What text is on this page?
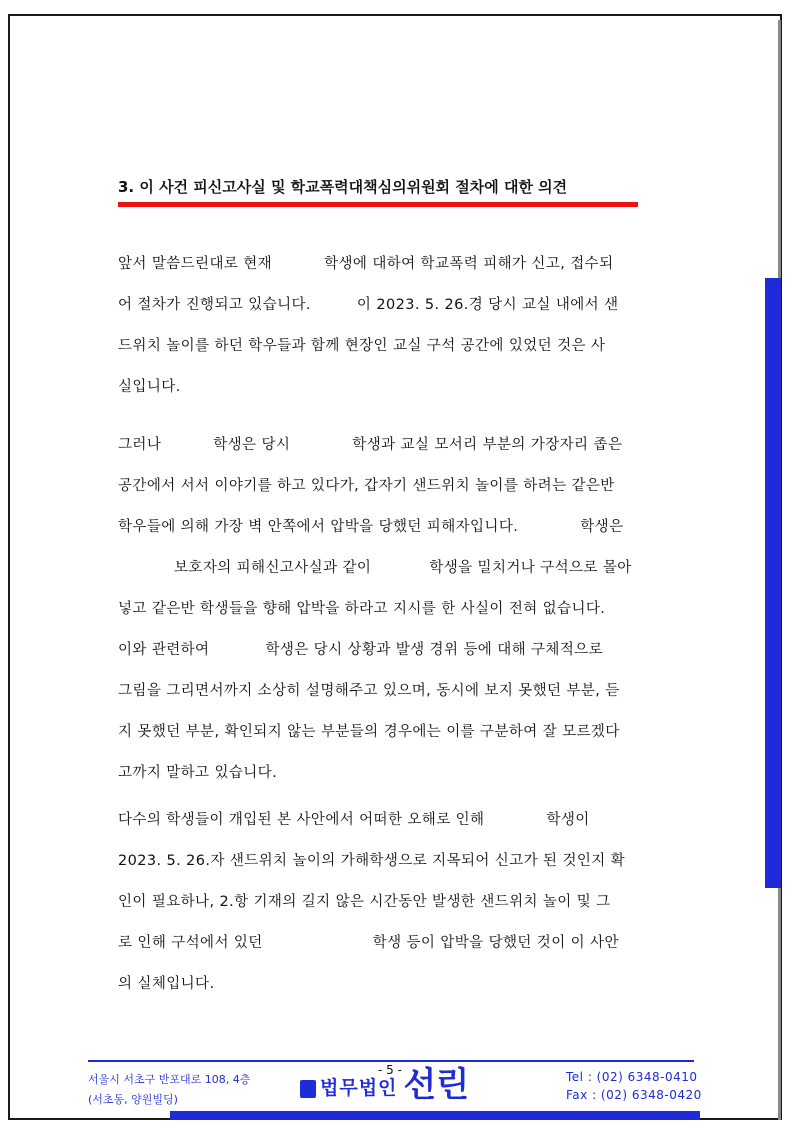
3. 이 사건 피신고사실 및 학교폭력대책심의위원회 절차에 대한 의견
앞서 말씀드린대로 현재	학생에 대하여 학교폭력 피해가 신고, 접수되
어 절차가 진행되고 있습니다.	이 2023. 5. 26.경 당시 교실 내에서 샌
드위치 놀이를 하던 학우들과 함께 현장인 교실 구석 공간에 있었던 것은 사
실입니다.
그러나	학생은 당시	학생과 교실 모서리 부분의 가장자리 좁은
공간에서 서서 이야기를 하고 있다가, 갑자기 샌드위치 놀이를 하려는 같은반
학우들에 의해 가장 벽 안쪽에서 압박을 당했던 피해자입니다.	학생은
보호자의 피해신고사실과 같이	학생을 밀치거나 구석으로 몰아
넣고 같은반 학생들을 향해 압박을 하라고 지시를 한 사실이 전혀 없습니다.
이와 관련하여	학생은 당시 상황과 발생 경위 등에 대해 구체적으로
그림을 그리면서까지 소상히 설명해주고 있으며, 동시에 보지 못했던 부분, 듣
지 못했던 부분, 확인되지 않는 부분들의 경우에는 이를 구분하여 잘 모르겠다
고까지 말하고 있습니다.
다수의 학생들이 개입된 본 사안에서 어떠한 오해로 인해	학생이
2023. 5. 26.자 샌드위치 놀이의 가해학생으로 지목되어 신고가 된 것인지 확
인이 필요하나, 2.항 기재의 길지 않은 시간동안 발생한 샌드위치 놀이 및 그
로 인해 구석에서 있던	학생 등이 압박을 당했던 것이 이 사안
의 실체입니다.
서울시 서초구 반포대로 108, 4층
(서초동, 양원빌딩)
- 5 -
법무법인 선린	Tel : (02) 6348-0410
Fax : (02) 6348-0420
